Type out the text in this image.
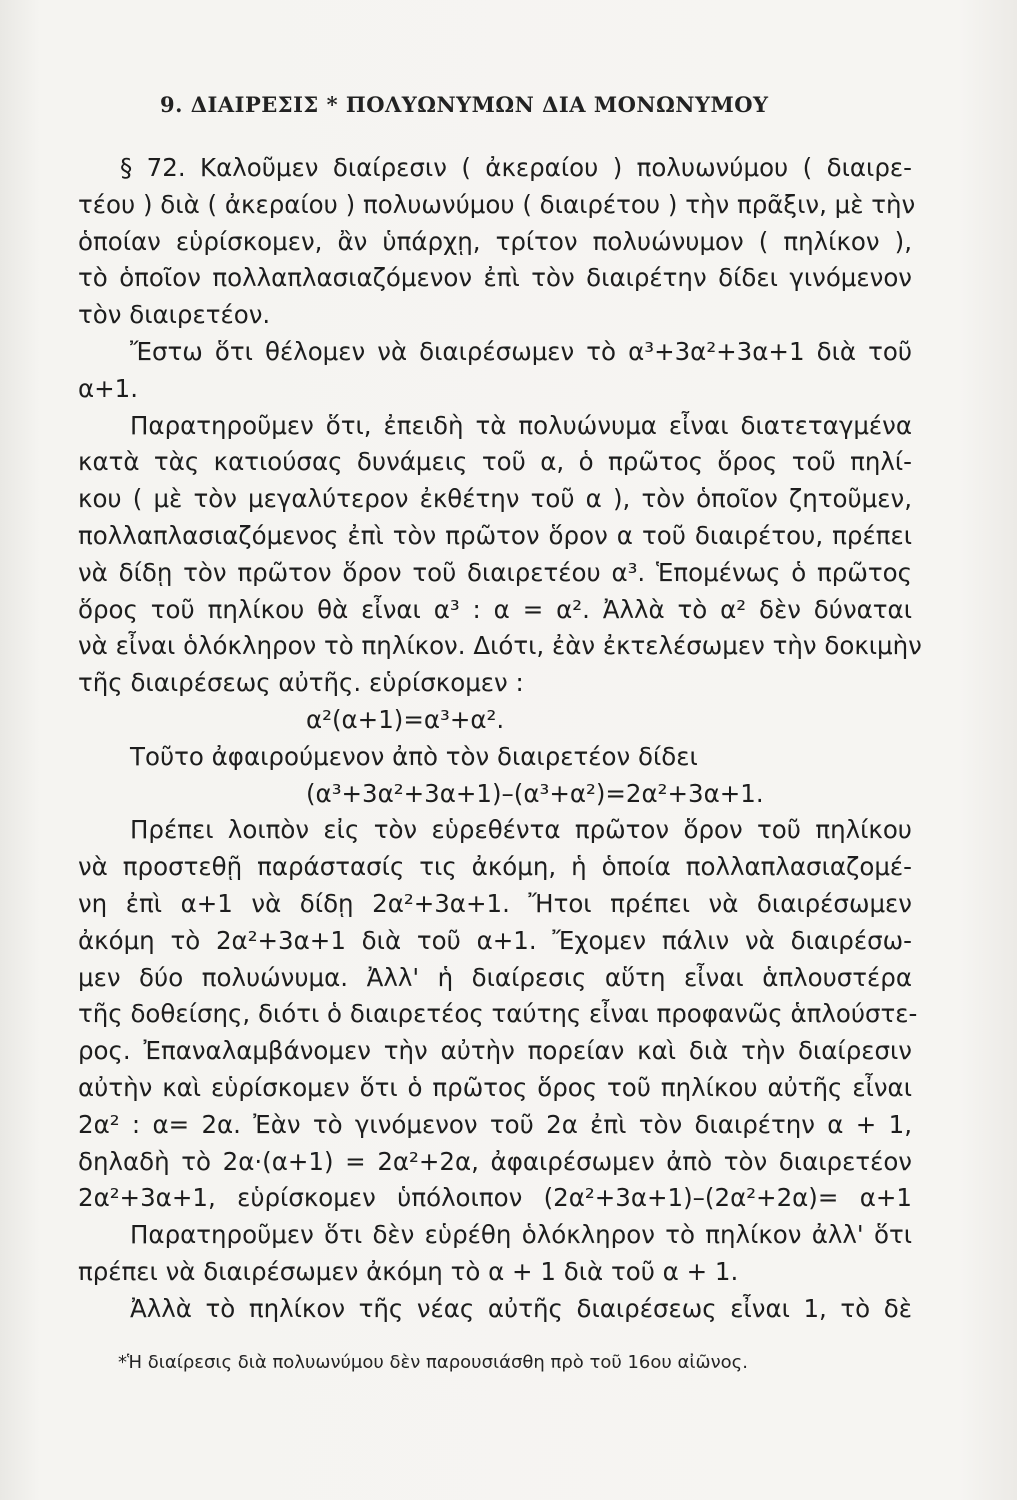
9. ΔΙΑΙΡΕΣΙΣ * ΠΟΛΥΩΝΥΜΩΝ ΔΙΑ ΜΟΝΩΝΥΜΟΥ
§ 72. Καλοῦμεν διαίρεσιν ( ἀκεραίου ) πολυωνύμου ( διαιρε-
τέου ) διὰ ( ἀκεραίου ) πολυωνύμου ( διαιρέτου ) τὴν πρᾶξιν, μὲ τὴν
ὁποίαν εὑρίσκομεν, ἂν ὑπάρχῃ, τρίτον πολυώνυμον ( πηλίκον ),
τὸ ὁποῖον πολλαπλασιαζόμενον ἐπὶ τὸν διαιρέτην δίδει γινόμενον
τὸν διαιρετέον.
Ἔστω ὅτι θέλομεν νὰ διαιρέσωμεν τὸ α³+3α²+3α+1 διὰ τοῦ
α+1.
Παρατηροῦμεν ὅτι, ἐπειδὴ τὰ πολυώνυμα εἶναι διατεταγμένα
κατὰ τὰς κατιούσας δυνάμεις τοῦ α, ὁ πρῶτος ὅρος τοῦ πηλί-
κου ( μὲ τὸν μεγαλύτερον ἐκθέτην τοῦ α ), τὸν ὁποῖον ζητοῦμεν,
πολλαπλασιαζόμενος ἐπὶ τὸν πρῶτον ὅρον α τοῦ διαιρέτου, πρέπει
νὰ δίδῃ τὸν πρῶτον ὅρον τοῦ διαιρετέου α³. Ἑπομένως ὁ πρῶτος
ὅρος τοῦ πηλίκου θὰ εἶναι α³ : α = α². Ἀλλὰ τὸ α² δὲν δύναται
νὰ εἶναι ὁλόκληρον τὸ πηλίκον. Διότι, ἐὰν ἐκτελέσωμεν τὴν δοκιμὴν
τῆς διαιρέσεως αὐτῆς. εὑρίσκομεν :
α²(α+1)=α³+α².
Τοῦτο ἀφαιρούμενον ἀπὸ τὸν διαιρετέον δίδει
(α³+3α²+3α+1)–(α³+α²)=2α²+3α+1.
Πρέπει λοιπὸν εἰς τὸν εὑρεθέντα πρῶτον ὅρον τοῦ πηλίκου
νὰ προστεθῇ παράστασίς τις ἀκόμη, ἡ ὁποία πολλαπλασιαζομέ-
νη ἐπὶ α+1 νὰ δίδῃ 2α²+3α+1. Ἤτοι πρέπει νὰ διαιρέσωμεν
ἀκόμη τὸ 2α²+3α+1 διὰ τοῦ α+1. Ἔχομεν πάλιν νὰ διαιρέσω-
μεν δύο πολυώνυμα. Ἀλλ' ἡ διαίρεσις αὕτη εἶναι ἁπλουστέρα
τῆς δοθείσης, διότι ὁ διαιρετέος ταύτης εἶναι προφανῶς ἁπλούστε-
ρος. Ἐπαναλαμβάνομεν τὴν αὐτὴν πορείαν καὶ διὰ τὴν διαίρεσιν
αὐτὴν καὶ εὑρίσκομεν ὅτι ὁ πρῶτος ὅρος τοῦ πηλίκου αὐτῆς εἶναι
2α² : α= 2α. Ἐὰν τὸ γινόμενον τοῦ 2α ἐπὶ τὸν διαιρέτην α + 1,
δηλαδὴ τὸ 2α·(α+1) = 2α²+2α, ἀφαιρέσωμεν ἀπὸ τὸν διαιρετέον
2α²+3α+1, εὑρίσκομεν ὑπόλοιπον (2α²+3α+1)–(2α²+2α)= α+1
Παρατηροῦμεν ὅτι δὲν εὑρέθη ὁλόκληρον τὸ πηλίκον ἀλλ' ὅτι
πρέπει νὰ διαιρέσωμεν ἀκόμη τὸ α + 1 διὰ τοῦ α + 1.
Ἀλλὰ τὸ πηλίκον τῆς νέας αὐτῆς διαιρέσεως εἶναι 1, τὸ δὲ
*Ἡ διαίρεσις διὰ πολυωνύμου δὲν παρουσιάσθη πρὸ τοῦ 16ου αἰῶνος.
